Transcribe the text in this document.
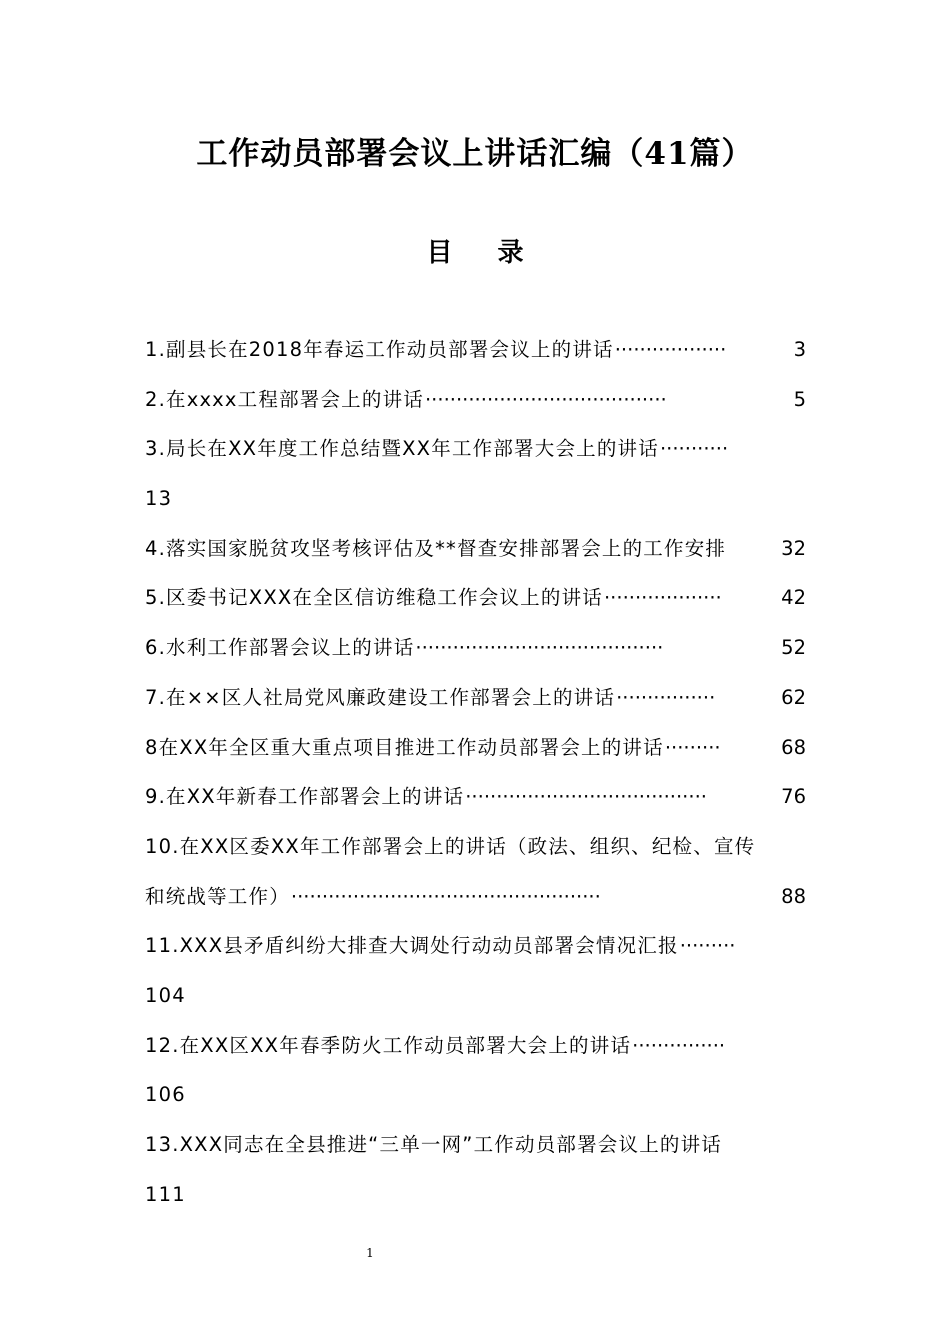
工作动员部署会议上讲话汇编（41篇）
目 录
1.副县长在2018年春运工作动员部署会议上的讲话 ··················	3
2.在xxxx工程部署会上的讲话 ·······································	5
3.局长在XX年度工作总结暨XX年工作部署大会上的讲话 ···········
13
4.落实国家脱贫攻坚考核评估及**督查安排部署会上的工作安排	32
5.区委书记XXX在全区信访维稳工作会议上的讲话 ···················	42
6.水利工作部署会议上的讲话 ········································	52
7.在××区人社局党风廉政建设工作部署会上的讲话 ················	62
8在XX年全区重大重点项目推进工作动员部署会上的讲话 ·········	68
9.在XX年新春工作部署会上的讲话 ·······································	76
10.在XX区委XX年工作部署会上的讲话（政法、组织、纪检、宣传
和统战等工作） ··················································	88
11.XXX县矛盾纠纷大排查大调处行动动员部署会情况汇报 ·········
104
12.在XX区XX年春季防火工作动员部署大会上的讲话 ···············
106
13.XXX同志在全县推进“三单一网”工作动员部署会议上的讲话
111
1
